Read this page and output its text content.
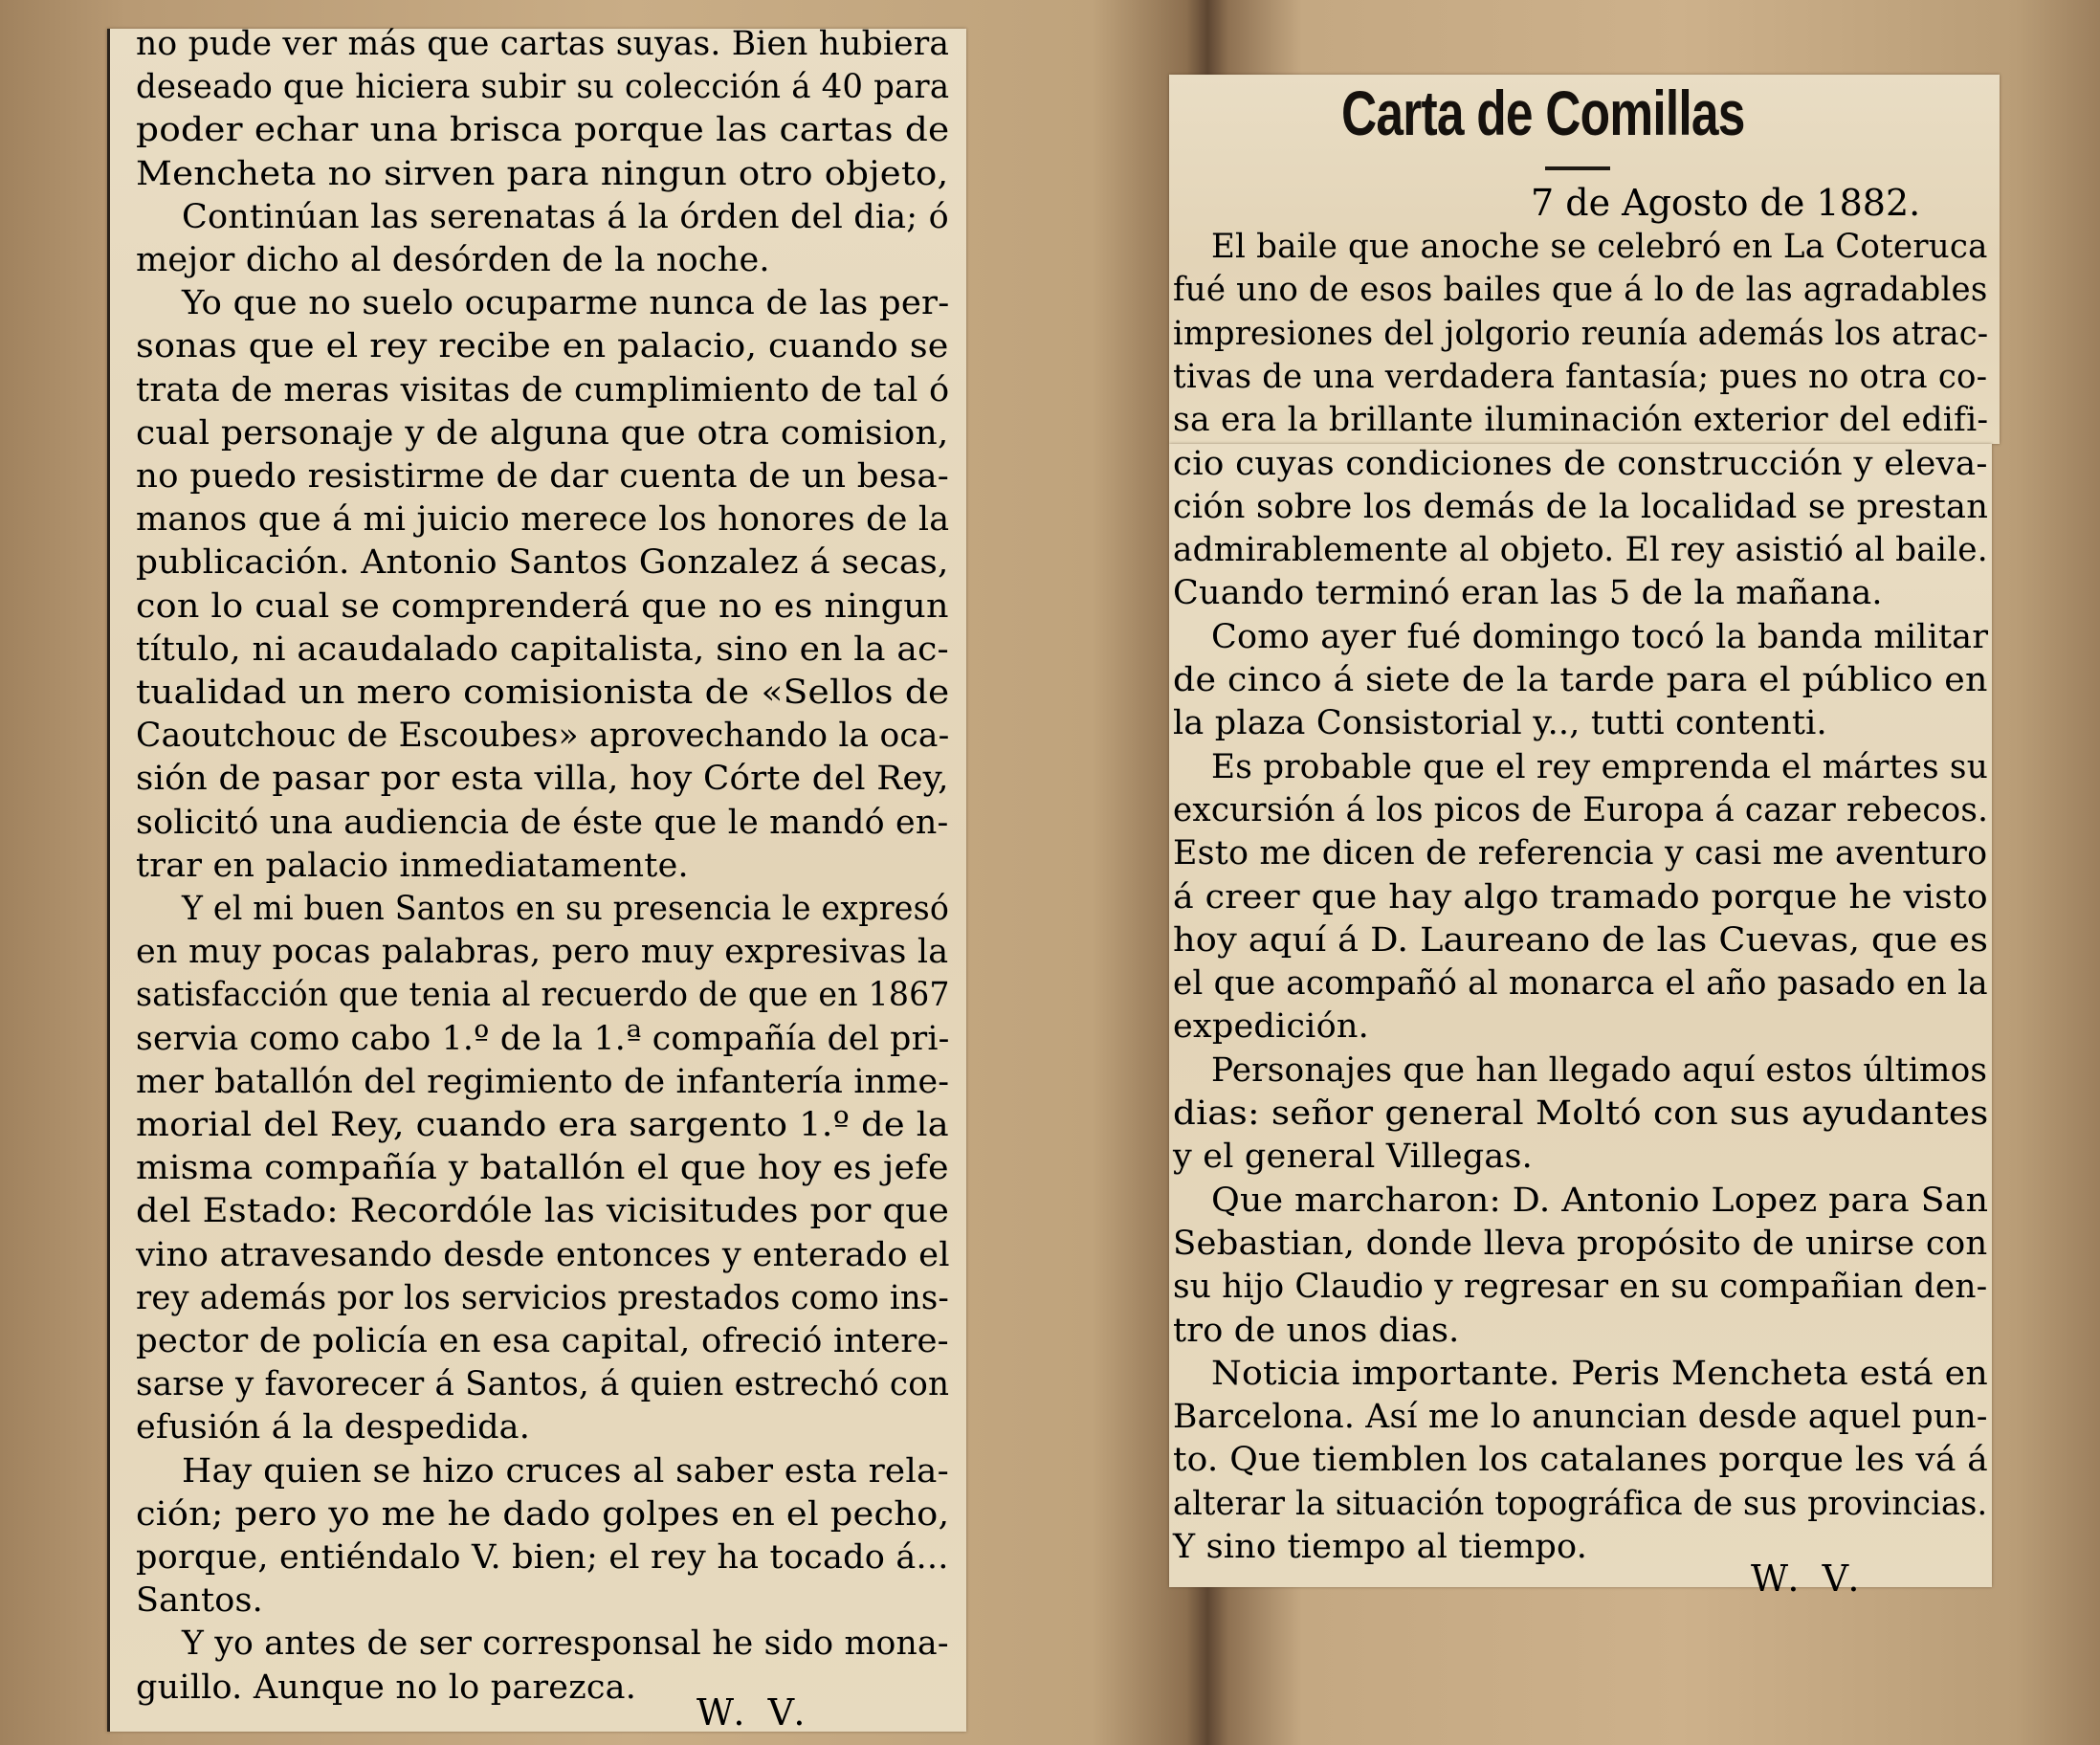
no pude ver más que cartas suyas. Bien hubiera
deseado que hiciera subir su colección á 40 para
poder echar una brisca porque las cartas de
Mencheta no sirven para ningun otro objeto,
Continúan las serenatas á la órden del dia; ó
mejor dicho al desórden de la noche.
Yo que no suelo ocuparme nunca de las per-
sonas que el rey recibe en palacio, cuando se
trata de meras visitas de cumplimiento de tal ó
cual personaje y de alguna que otra comision,
no puedo resistirme de dar cuenta de un besa-
manos que á mi juicio merece los honores de la
publicación. Antonio Santos Gonzalez á secas,
con lo cual se comprenderá que no es ningun
título, ni acaudalado capitalista, sino en la ac-
tualidad un mero comisionista de «Sellos de
Caoutchouc de Escoubes» aprovechando la oca-
sión de pasar por esta villa, hoy Córte del Rey,
solicitó una audiencia de éste que le mandó en-
trar en palacio inmediatamente.
Y el mi buen Santos en su presencia le expresó
en muy pocas palabras, pero muy expresivas la
satisfacción que tenia al recuerdo de que en 1867
servia como cabo 1.º de la 1.ª compañía del pri-
mer batallón del regimiento de infantería inme-
morial del Rey, cuando era sargento 1.º de la
misma compañía y batallón el que hoy es jefe
del Estado: Recordóle las vicisitudes por que
vino atravesando desde entonces y enterado el
rey además por los servicios prestados como ins-
pector de policía en esa capital, ofreció intere-
sarse y favorecer á Santos, á quien estrechó con
efusión á la despedida.
Hay quien se hizo cruces al saber esta rela-
ción; pero yo me he dado golpes en el pecho,
porque, entiéndalo V. bien; el rey ha tocado á...
Santos.
Y yo antes de ser corresponsal he sido mona-
guillo. Aunque no lo parezca.
W. V.
Carta de Comillas
7 de Agosto de 1882.
El baile que anoche se celebró en La Coteruca
fué uno de esos bailes que á lo de las agradables
impresiones del jolgorio reunía además los atrac-
tivas de una verdadera fantasía; pues no otra co-
sa era la brillante iluminación exterior del edifi-
cio cuyas condiciones de construcción y eleva-
ción sobre los demás de la localidad se prestan
admirablemente al objeto. El rey asistió al baile.
Cuando terminó eran las 5 de la mañana.
Como ayer fué domingo tocó la banda militar
de cinco á siete de la tarde para el público en
la plaza Consistorial y.., tutti contenti.
Es probable que el rey emprenda el mártes su
excursión á los picos de Europa á cazar rebecos.
Esto me dicen de referencia y casi me aventuro
á creer que hay algo tramado porque he visto
hoy aquí á D. Laureano de las Cuevas, que es
el que acompañó al monarca el año pasado en la
expedición.
Personajes que han llegado aquí estos últimos
dias: señor general Moltó con sus ayudantes
y el general Villegas.
Que marcharon: D. Antonio Lopez para San
Sebastian, donde lleva propósito de unirse con
su hijo Claudio y regresar en su compañian den-
tro de unos dias.
Noticia importante. Peris Mencheta está en
Barcelona. Así me lo anuncian desde aquel pun-
to. Que tiemblen los catalanes porque les vá á
alterar la situación topográfica de sus provincias.
Y sino tiempo al tiempo.
W. V.
